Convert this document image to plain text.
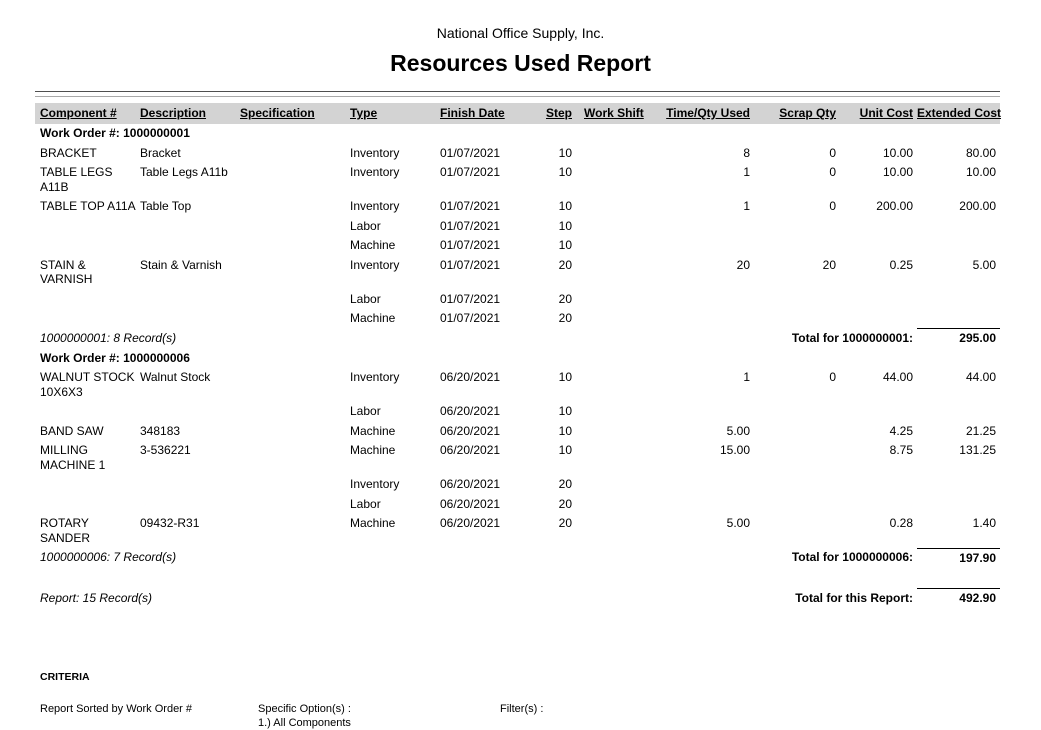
National Office Supply, Inc.
Resources Used Report
Component #	Description	Specification	Type	Finish Date	Step	Work Shift	Time/Qty Used	Scrap Qty	Unit Cost	Extended Cost
Work Order #: 1000000001										
BRACKET	Bracket		Inventory	01/07/2021	10		8	0	10.00	80.00
TABLE LEGS A11B	Table Legs A11b		Inventory	01/07/2021	10		1	0	10.00	10.00
TABLE TOP A11A	Table Top		Inventory	01/07/2021	10		1	0	200.00	200.00
			Labor	01/07/2021	10					
			Machine	01/07/2021	10					
STAIN & VARNISH	Stain & Varnish		Inventory	01/07/2021	20		20	20	0.25	5.00
			Labor	01/07/2021	20					
			Machine	01/07/2021	20					
1000000001: 8 Record(s)					Total for 1000000001:					295.00
Work Order #: 1000000006										
WALNUT STOCK 10X6X3	Walnut Stock		Inventory	06/20/2021	10		1	0	44.00	44.00
			Labor	06/20/2021	10					
BAND SAW	348183		Machine	06/20/2021	10		5.00		4.25	21.25
MILLING MACHINE 1	3-536221		Machine	06/20/2021	10		15.00		8.75	131.25
			Inventory	06/20/2021	20					
			Labor	06/20/2021	20					
ROTARY SANDER	09432-R31		Machine	06/20/2021	20		5.00		0.28	1.40
1000000006: 7 Record(s)					Total for 1000000006:					197.90

Report: 15 Record(s)					Total for this Report:					492.90
CRITERIA
Report Sorted by Work Order #	Specific Option(s) :
1.) All Components
Filter(s) :
